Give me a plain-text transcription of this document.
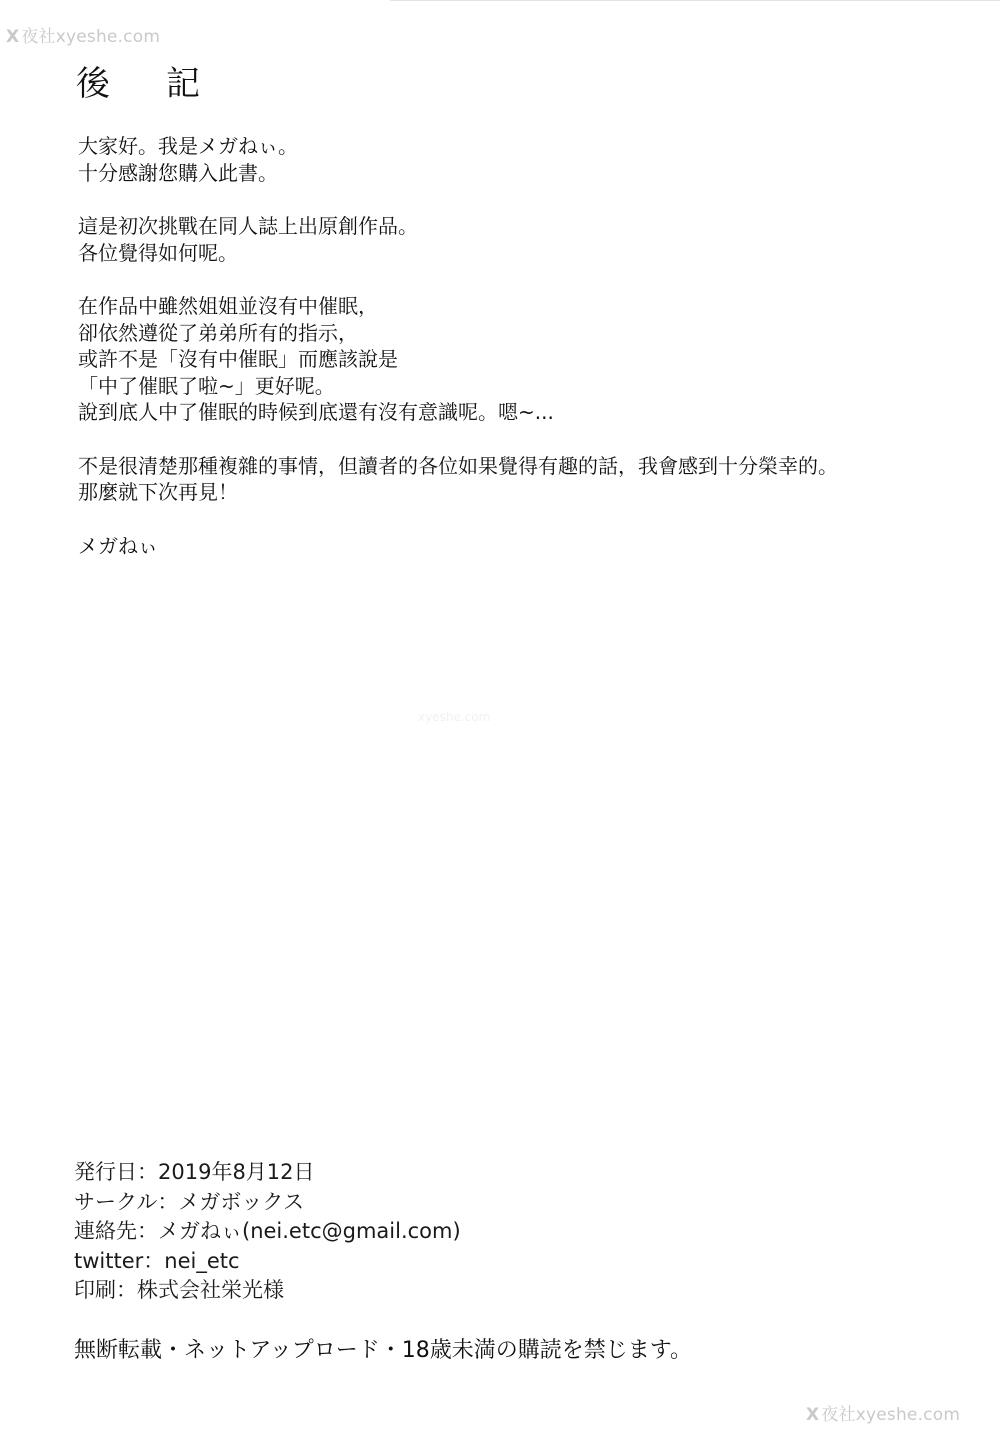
X 夜社xyeshe.com
xyeshe.com
後記

大家好。我是メガねぃ。
十分感謝您購入此書。

這是初次挑戰在同人誌上出原創作品。
各位覺得如何呢。

在作品中雖然姐姐並沒有中催眠，
卻依然遵從了弟弟所有的指示，
或許不是「沒有中催眠」而應該說是
「中了催眠了啦~」更好呢。
說到底人中了催眠的時候到底還有沒有意識呢。嗯~...

不是很清楚那種複雜的事情，但讀者的各位如果覺得有趣的話，我會感到十分榮幸的。
那麼就下次再見！

メガねぃ
発行日：2019年8月12日
サークル：メガボックス
連絡先：メガねぃ(nei.etc@gmail.com)
twitter：nei_etc
印刷：株式会社栄光様
無断転載・ネットアップロード・18歳未満の購読を禁じます。
X 夜社xyeshe.com
